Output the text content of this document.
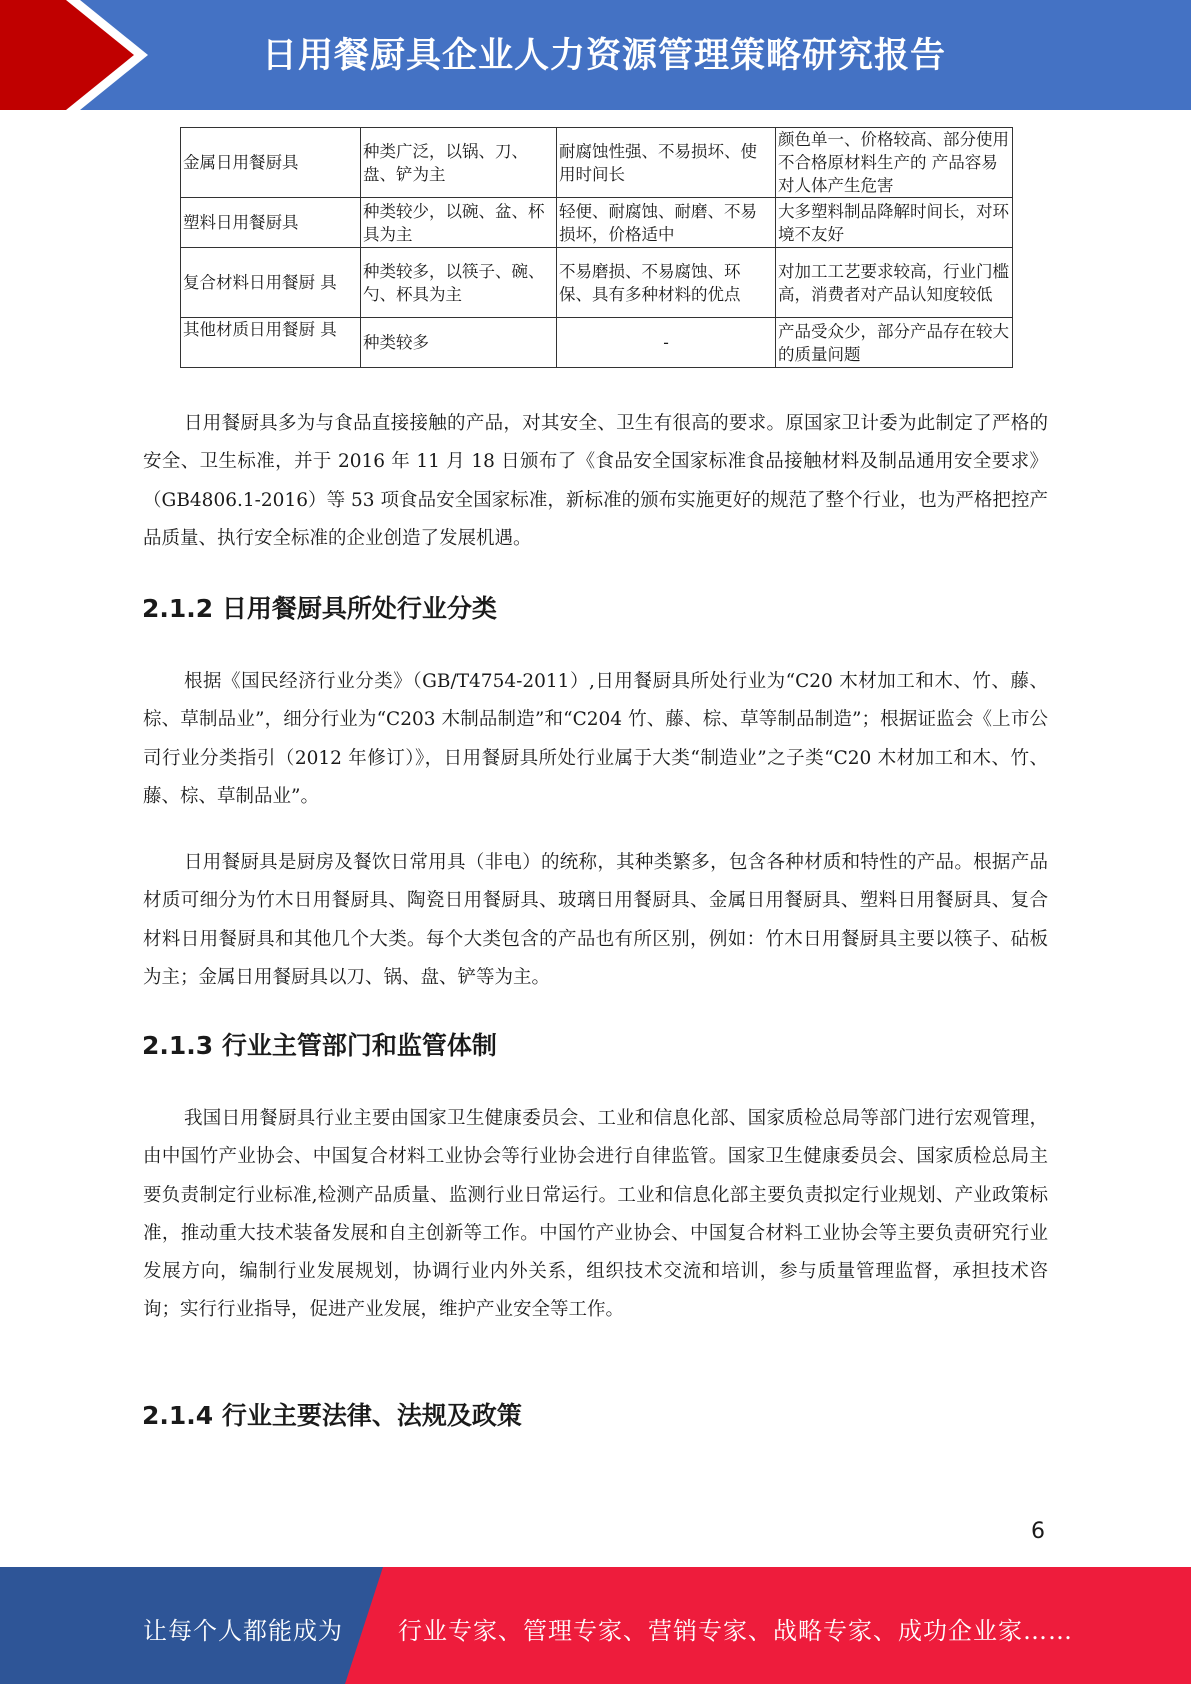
日用餐厨具企业人力资源管理策略研究报告
金属日用餐厨具	种类广泛，以锅、刀、盘、铲为主	耐腐蚀性强、不易损坏、使用时间长	颜色单一、价格较高、部分使用不合格原材料生产的 产品容易对人体产生危害
塑料日用餐厨具	种类较少，以碗、盆、杯具为主	轻便、耐腐蚀、耐磨、不易损坏，价格适中	大多塑料制品降解时间长，对环境不友好
复合材料日用餐厨 具	种类较多，以筷子、碗、勺、杯具为主	不易磨损、不易腐蚀、环保、具有多种材料的优点	对加工工艺要求较高，行业门槛高，消费者对产品认知度较低
其他材质日用餐厨 具	种类较多	-	产品受众少，部分产品存在较大的质量问题

日用餐厨具多为与食品直接接触的产品，对其安全、卫生有很高的要求。原国家卫计委为此制定了严格的安全、卫生标准，并于 2016 年 11 月 18 日颁布了《食品安全国家标准食品接触材料及制品通用安全要求》（GB4806.1-2016）等 53 项食品安全国家标准，新标准的颁布实施更好的规范了整个行业，也为严格把控产品质量、执行安全标准的企业创造了发展机遇。

2.1.2 日用餐厨具所处行业分类

根据《国民经济行业分类》（GB/T4754-2011）,日用餐厨具所处行业为“C20 木材加工和木、竹、藤、棕、草制品业”，细分行业为“C203 木制品制造”和“C204 竹、藤、棕、草等制品制造”；根据证监会《上市公司行业分类指引（2012 年修订）》，日用餐厨具所处行业属于大类“制造业”之子类“C20 木材加工和木、竹、藤、棕、草制品业”。

日用餐厨具是厨房及餐饮日常用具（非电）的统称，其种类繁多，包含各种材质和特性的产品。根据产品材质可细分为竹木日用餐厨具、陶瓷日用餐厨具、玻璃日用餐厨具、金属日用餐厨具、塑料日用餐厨具、复合材料日用餐厨具和其他几个大类。每个大类包含的产品也有所区别，例如：竹木日用餐厨具主要以筷子、砧板为主；金属日用餐厨具以刀、锅、盘、铲等为主。

2.1.3 行业主管部门和监管体制

我国日用餐厨具行业主要由国家卫生健康委员会、工业和信息化部、国家质检总局等部门进行宏观管理，由中国竹产业协会、中国复合材料工业协会等行业协会进行自律监管。国家卫生健康委员会、国家质检总局主要负责制定行业标准,检测产品质量、监测行业日常运行。工业和信息化部主要负责拟定行业规划、产业政策标准，推动重大技术装备发展和自主创新等工作。中国竹产业协会、中国复合材料工业协会等主要负责研究行业发展方向，编制行业发展规划，协调行业内外关系，组织技术交流和培训，参与质量管理监督，承担技术咨询；实行行业指导，促进产业发展，维护产业安全等工作。

2.1.4 行业主要法律、法规及政策
6
让每个人都能成为 行业专家、管理专家、营销专家、战略专家、成功企业家……
